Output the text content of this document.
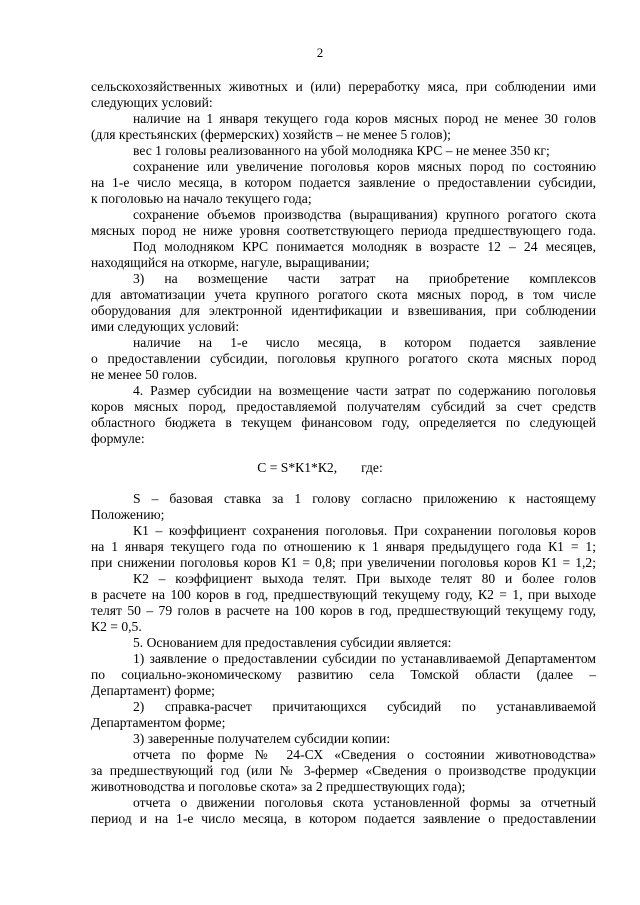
2
сельскохозяйственных животных и (или) переработку мяса, при соблюдении ими
следующих условий:
наличие на 1 января текущего года коров мясных пород не менее 30 голов
(для крестьянских (фермерских) хозяйств – не менее 5 голов);
вес 1 головы реализованного на убой молодняка КРС – не менее 350 кг;
сохранение или увеличение поголовья коров мясных пород по состоянию
на 1-е число месяца, в котором подается заявление о предоставлении субсидии,
к поголовью на начало текущего года;
сохранение объемов производства (выращивания) крупного рогатого скота
мясных пород не ниже уровня соответствующего периода предшествующего года.
Под молодняком КРС понимается молодняк в возрасте 12 – 24 месяцев,
находящийся на откорме, нагуле, выращивании;
3) на возмещение части затрат на приобретение комплексов
для автоматизации учета крупного рогатого скота мясных пород, в том числе
оборудования для электронной идентификации и взвешивания, при соблюдении
ими следующих условий:
наличие на 1-е число месяца, в котором подается заявление
о предоставлении субсидии, поголовья крупного рогатого скота мясных пород
не менее 50 голов.
4. Размер субсидии на возмещение части затрат по содержанию поголовья
коров мясных пород, предоставляемой получателям субсидий за счет средств
областного бюджета в текущем финансовом году, определяется по следующей
формуле:
С = S*К1*К2, где:
S – базовая ставка за 1 голову согласно приложению к настоящему
Положению;
К1 – коэффициент сохранения поголовья. При сохранении поголовья коров
на 1 января текущего года по отношению к 1 января предыдущего года К1 = 1;
при снижении поголовья коров К1 = 0,8; при увеличении поголовья коров К1 = 1,2;
К2 – коэффициент выхода телят. При выходе телят 80 и более голов
в расчете на 100 коров в год, предшествующий текущему году, К2 = 1, при выходе
телят 50 – 79 голов в расчете на 100 коров в год, предшествующий текущему году,
К2 = 0,5.
5. Основанием для предоставления субсидии является:
1) заявление о предоставлении субсидии по устанавливаемой Департаментом
по социально-экономическому развитию села Томской области (далее –
Департамент) форме;
2) справка-расчет причитающихся субсидий по устанавливаемой
Департаментом форме;
3) заверенные получателем субсидии копии:
отчета по форме № 24-СХ «Сведения о состоянии животноводства»
за предшествующий год (или № 3-фермер «Сведения о производстве продукции
животноводства и поголовье скота» за 2 предшествующих года);
отчета о движении поголовья скота установленной формы за отчетный
период и на 1-е число месяца, в котором подается заявление о предоставлении
